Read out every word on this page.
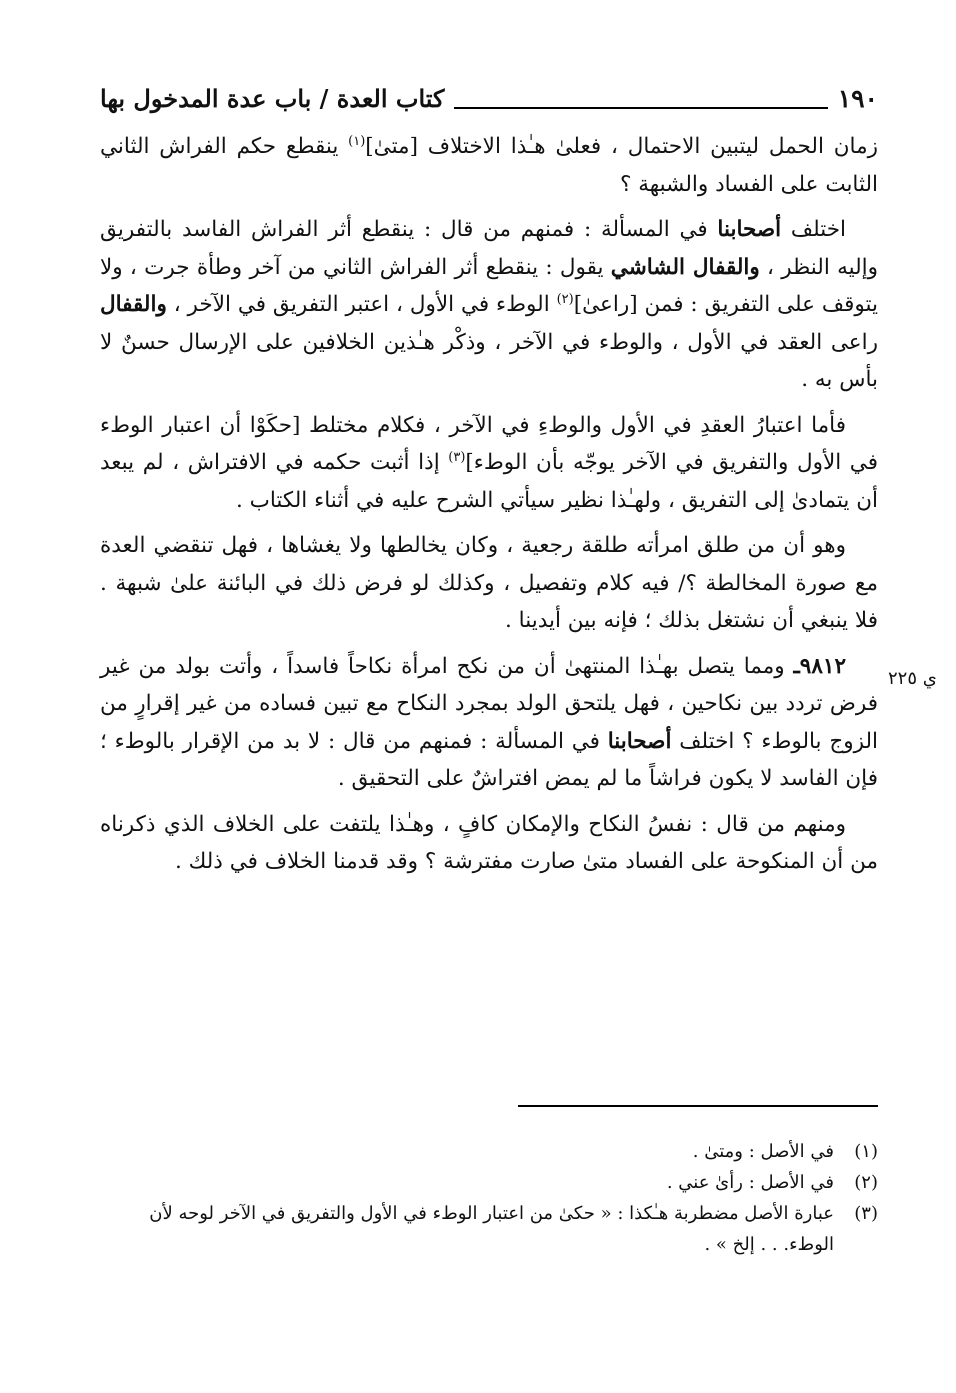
١٩٠
كتاب العدة / باب عدة المدخول بها

زمان الحمل ليتبين الاحتمال ، فعلىٰ هـٰذا الاختلاف [متىٰ]$^{(١)}$ ينقطع حكم الفراش الثاني الثابت على الفساد والشبهة ؟

اختلف أصحابنا في المسألة : فمنهم من قال : ينقطع أثر الفراش الفاسد بالتفريق وإليه النظر ، والقفال الشاشي يقول : ينقطع أثر الفراش الثاني من آخر وطأة جرت ، ولا يتوقف على التفريق : فمن [راعىٰ]$^{(٢)}$ الوطء في الأول ، اعتبر التفريق في الآخر ، والقفال راعى العقد في الأول ، والوطء في الآخر ، وذكْر هـٰذين الخلافين على الإرسال حسنٌ لا بأس به .

فأما اعتبارُ العقدِ في الأول والوطءِ في الآخر ، فكلام مختلط [حكَوْا أن اعتبار الوطء في الأول والتفريق في الآخر يوجّه بأن الوطء]$^{(٣)}$ إذا أثبت حكمه في الافتراش ، لم يبعد أن يتمادىٰ إلى التفريق ، ولهـٰذا نظير سيأتي الشرح عليه في أثناء الكتاب .

وهو أن من طلق امرأته طلقة رجعية ، وكان يخالطها ولا يغشاها ، فهل تنقضي العدة مع صورة المخالطة ؟/ فيه كلام وتفصيل ، وكذلك لو فرض ذلك في البائنة علىٰ شبهة . فلا ينبغي أن نشتغل بذلك ؛ فإنه بين أيدينا .

٩٨١٢ـ ومما يتصل بهـٰذا المنتهىٰ أن من نكح امرأة نكاحاً فاسداً ، وأتت بولد من غير فرض تردد بين نكاحين ، فهل يلتحق الولد بمجرد النكاح مع تبين فساده من غير إقرارٍ من الزوج بالوطء ؟ اختلف أصحابنا في المسألة : فمنهم من قال : لا بد من الإقرار بالوطء ؛ فإن الفاسد لا يكون فراشاً ما لم يمض افتراشٌ على التحقيق .

ومنهم من قال : نفسُ النكاح والإمكان كافٍ ، وهـٰذا يلتفت على الخلاف الذي ذكرناه من أن المنكوحة على الفساد متىٰ صارت مفترشة ؟ وقد قدمنا الخلاف في ذلك .

ي ٢٢٥
(١)
في الأصل : ومتىٰ .
(٢)
في الأصل : رأىٰ عني .
(٣)
عبارة الأصل مضطربة هـٰكذا : « حكىٰ من اعتبار الوطء في الأول والتفريق في الآخر لوحه لأن الوطء. . . إلخ » .
